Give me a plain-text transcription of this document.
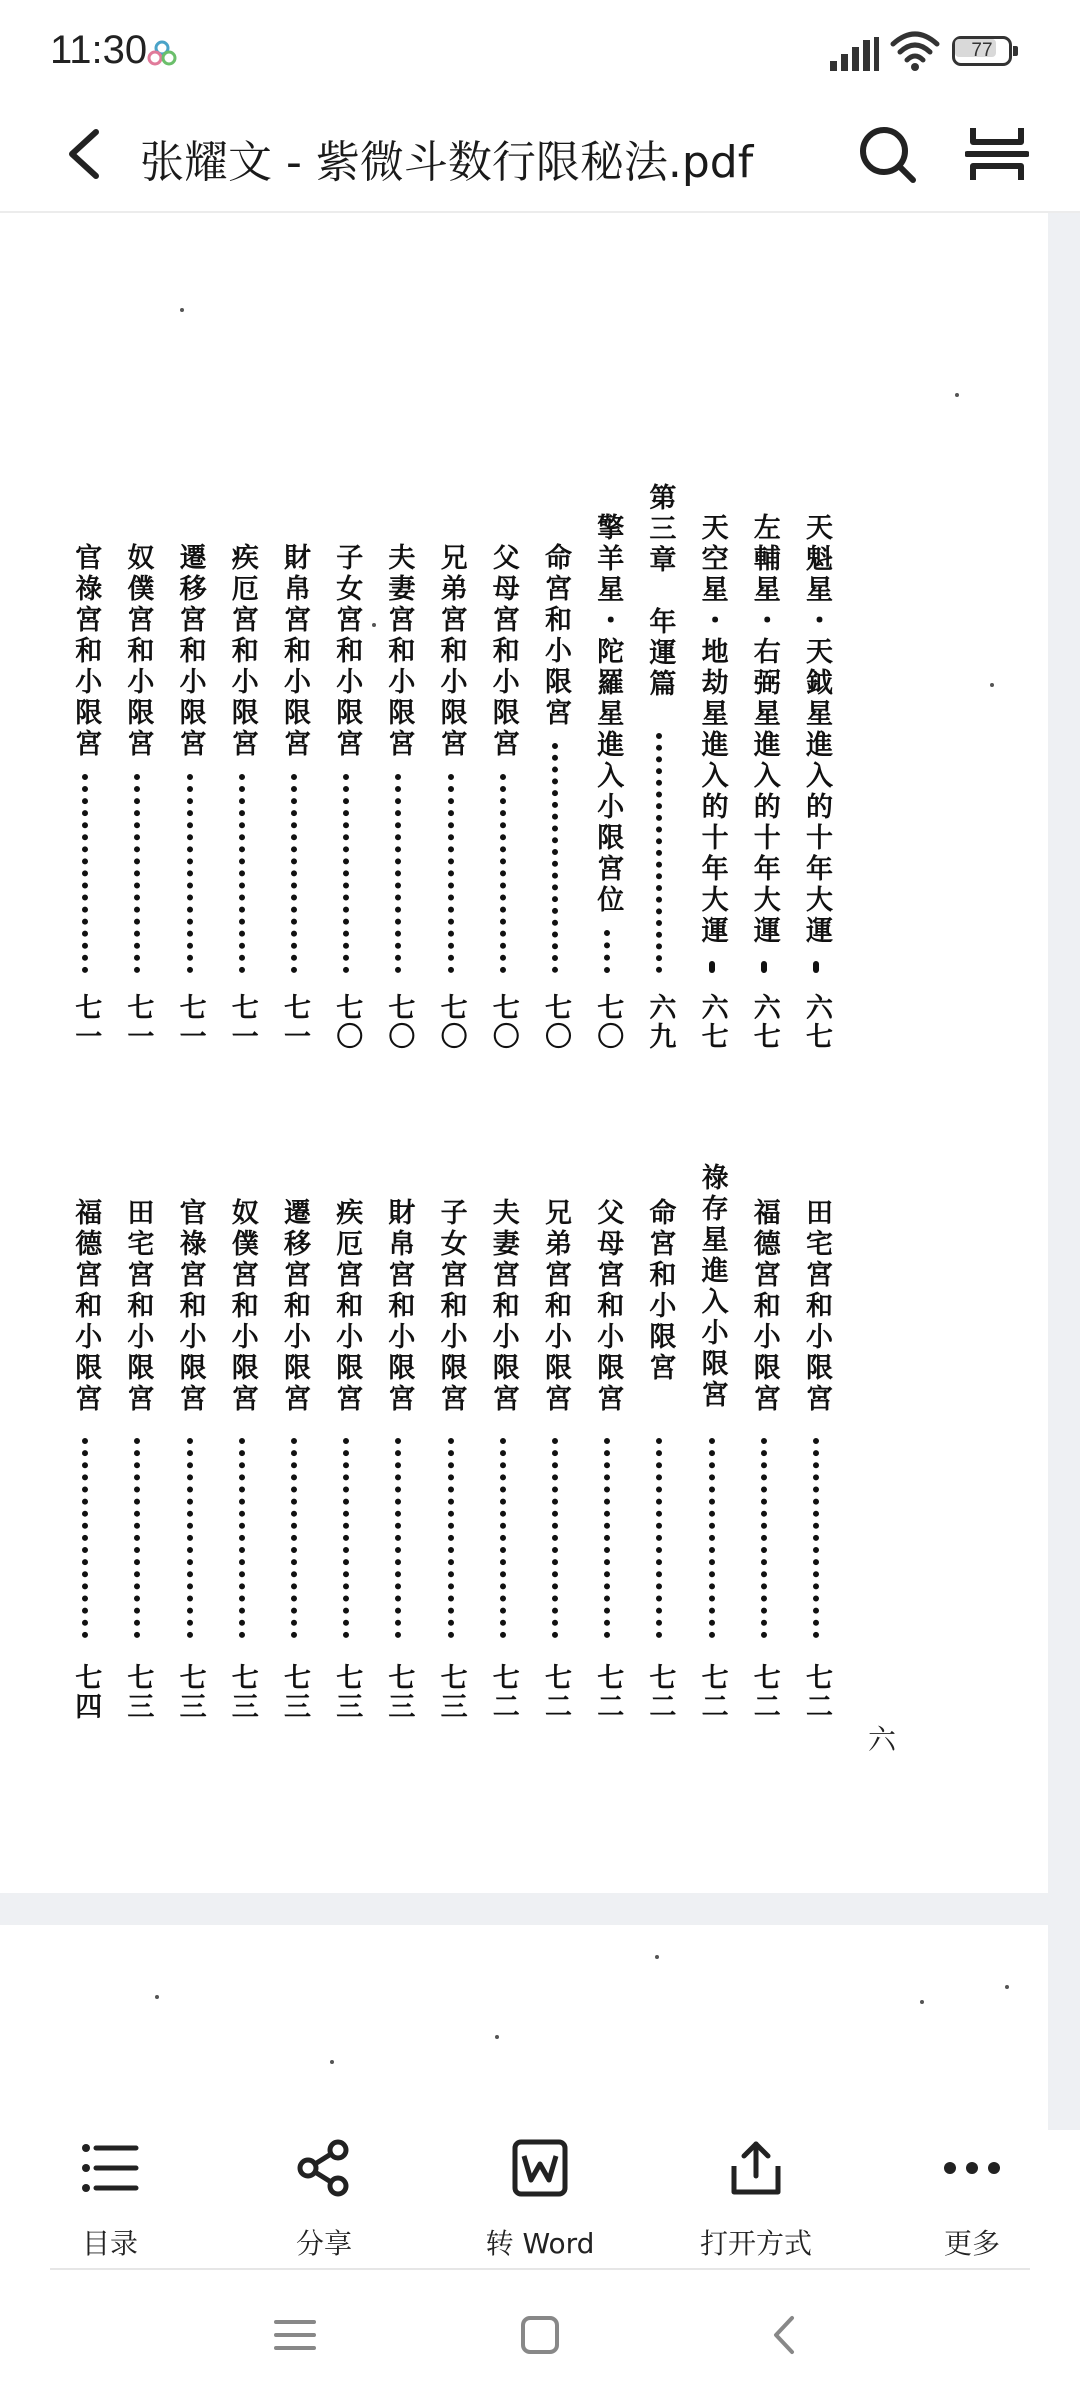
11:30	77
张耀文 - 紫微斗数行限秘法.pdf
天魁星・天鉞星進入的十年大運
六七
左輔星・右弼星進入的十年大運
六七
天空星・地劫星進入的十年大運
六七
第三章　年運篇
六九
擎羊星・陀羅星進入小限宮位
七〇
命宮和小限宮
七〇
父母宮和小限宮
七〇
兄弟宮和小限宮
七〇
夫妻宮和小限宮
七〇
子女宮和小限宮
七〇
財帛宮和小限宮
七一
疾厄宮和小限宮
七一
遷移宮和小限宮
七一
奴僕宮和小限宮
七一
官祿宮和小限宮
七一
田宅宮和小限宮
七二
福德宮和小限宮
七二
祿存星進入小限宮
七二
命宮和小限宮
七二
父母宮和小限宮
七二
兄弟宮和小限宮
七二
夫妻宮和小限宮
七二
子女宮和小限宮
七三
財帛宮和小限宮
七三
疾厄宮和小限宮
七三
遷移宮和小限宮
七三
奴僕宮和小限宮
七三
官祿宮和小限宮
七三
田宅宮和小限宮
七三
福德宮和小限宮
七四
六
目录	分享	转 Word	打开方式	更多
